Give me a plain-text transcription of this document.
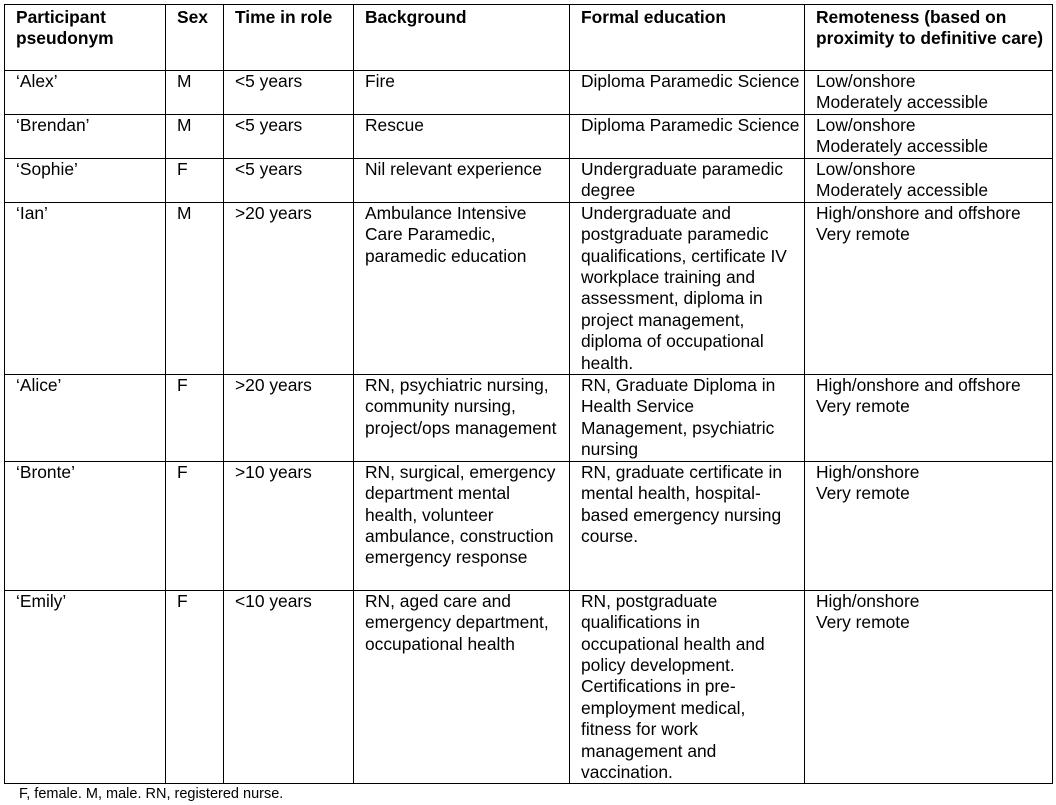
Participant pseudonym	Sex	Time in role	Background	Formal education	Remoteness (based on proximity to definitive care)
‘Alex’	M	<5 years	Fire	Diploma Paramedic Science	Low/onshore
Moderately accessible

‘Brendan’	M	<5 years	Rescue	Diploma Paramedic Science	Low/onshore
Moderately accessible

‘Sophie’	F	<5 years	Nil relevant experience	Undergraduate paramedic degree	Low/onshore
Moderately accessible

‘Ian’	M	>20 years	Ambulance Intensive Care Paramedic, paramedic education	Undergraduate and postgraduate paramedic qualifications, certificate IV workplace training and assessment, diploma in project management, diploma of occupational health.	High/onshore and offshore
Very remote

‘Alice’	F	>20 years	RN, psychiatric nursing, community nursing, project/ops management	RN, Graduate Diploma in Health Service Management, psychiatric nursing	High/onshore and offshore
Very remote

‘Bronte’	F	>10 years	RN, surgical, emergency department mental health, volunteer ambulance, construction emergency response	RN, graduate certificate in mental health, hospital-based emergency nursing course.	High/onshore
Very remote

‘Emily’	F	<10 years	RN, aged care and emergency department, occupational health	RN, postgraduate qualifications in occupational health and policy development. Certifications in pre-employment medical, fitness for work management and vaccination.	High/onshore
Very remote
F, female. M, male. RN, registered nurse.
